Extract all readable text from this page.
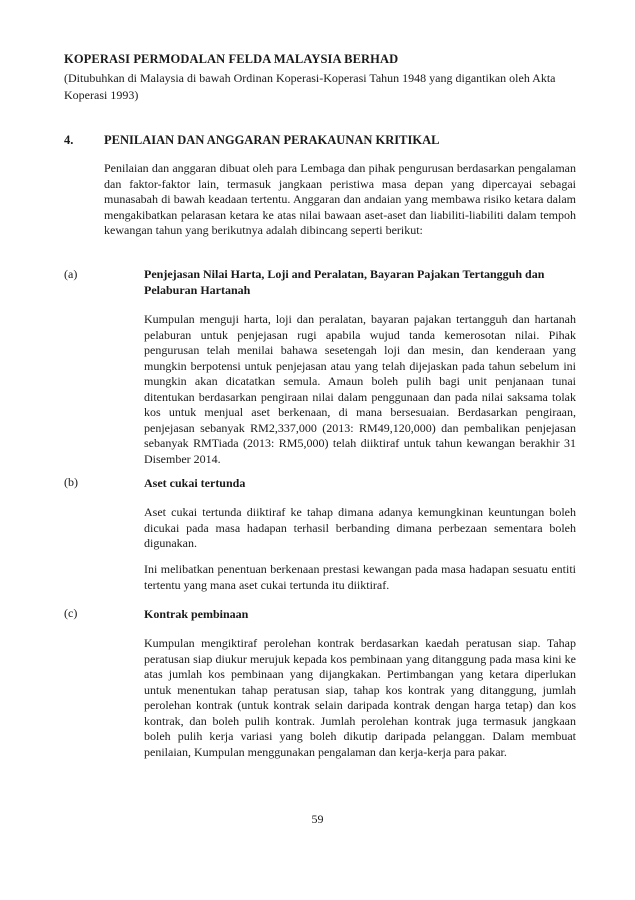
KOPERASI PERMODALAN FELDA MALAYSIA BERHAD
(Ditubuhkan di Malaysia di bawah Ordinan Koperasi-Koperasi Tahun 1948 yang digantikan oleh Akta Koperasi 1993)
4. PENILAIAN DAN ANGGARAN PERAKAUNAN KRITIKAL

Penilaian dan anggaran dibuat oleh para Lembaga dan pihak pengurusan berdasarkan pengalaman dan faktor-faktor lain, termasuk jangkaan peristiwa masa depan yang dipercayai sebagai munasabah di bawah keadaan tertentu. Anggaran dan andaian yang membawa risiko ketara dalam mengakibatkan pelarasan ketara ke atas nilai bawaan aset-aset dan liabiliti-liabiliti dalam tempoh kewangan tahun yang berikutnya adalah dibincang seperti berikut:

(a)	Penjejasan Nilai Harta, Loji and Peralatan, Bayaran Pajakan Tertangguh dan Pelaburan Hartanah

Kumpulan menguji harta, loji dan peralatan, bayaran pajakan tertangguh dan hartanah pelaburan untuk penjejasan rugi apabila wujud tanda kemerosotan nilai. Pihak pengurusan telah menilai bahawa sesetengah loji dan mesin, dan kenderaan yang mungkin berpotensi untuk penjejasan atau yang telah dijejaskan pada tahun sebelum ini mungkin akan dicatatkan semula. Amaun boleh pulih bagi unit penjanaan tunai ditentukan berdasarkan pengiraan nilai dalam penggunaan dan pada nilai saksama tolak kos untuk menjual aset berkenaan, di mana bersesuaian. Berdasarkan pengiraan, penjejasan sebanyak RM2,337,000 (2013: RM49,120,000) dan pembalikan penjejasan sebanyak RMTiada (2013: RM5,000) telah diiktiraf untuk tahun kewangan berakhir 31 Disember 2014.

(b)	Aset cukai tertunda

Aset cukai tertunda diiktiraf ke tahap dimana adanya kemungkinan keuntungan boleh dicukai pada masa hadapan terhasil berbanding dimana perbezaan sementara boleh digunakan.

Ini melibatkan penentuan berkenaan prestasi kewangan pada masa hadapan sesuatu entiti tertentu yang mana aset cukai tertunda itu diiktiraf.

(c)	Kontrak pembinaan

Kumpulan mengiktiraf perolehan kontrak berdasarkan kaedah peratusan siap. Tahap peratusan siap diukur merujuk kepada kos pembinaan yang ditanggung pada masa kini ke atas jumlah kos pembinaan yang dijangkakan. Pertimbangan yang ketara diperlukan untuk menentukan tahap peratusan siap, tahap kos kontrak yang ditanggung, jumlah perolehan kontrak (untuk kontrak selain daripada kontrak dengan harga tetap) dan kos kontrak, dan boleh pulih kontrak. Jumlah perolehan kontrak juga termasuk jangkaan boleh pulih kerja variasi yang boleh dikutip daripada pelanggan. Dalam membuat penilaian, Kumpulan menggunakan pengalaman dan kerja-kerja para pakar.

59
